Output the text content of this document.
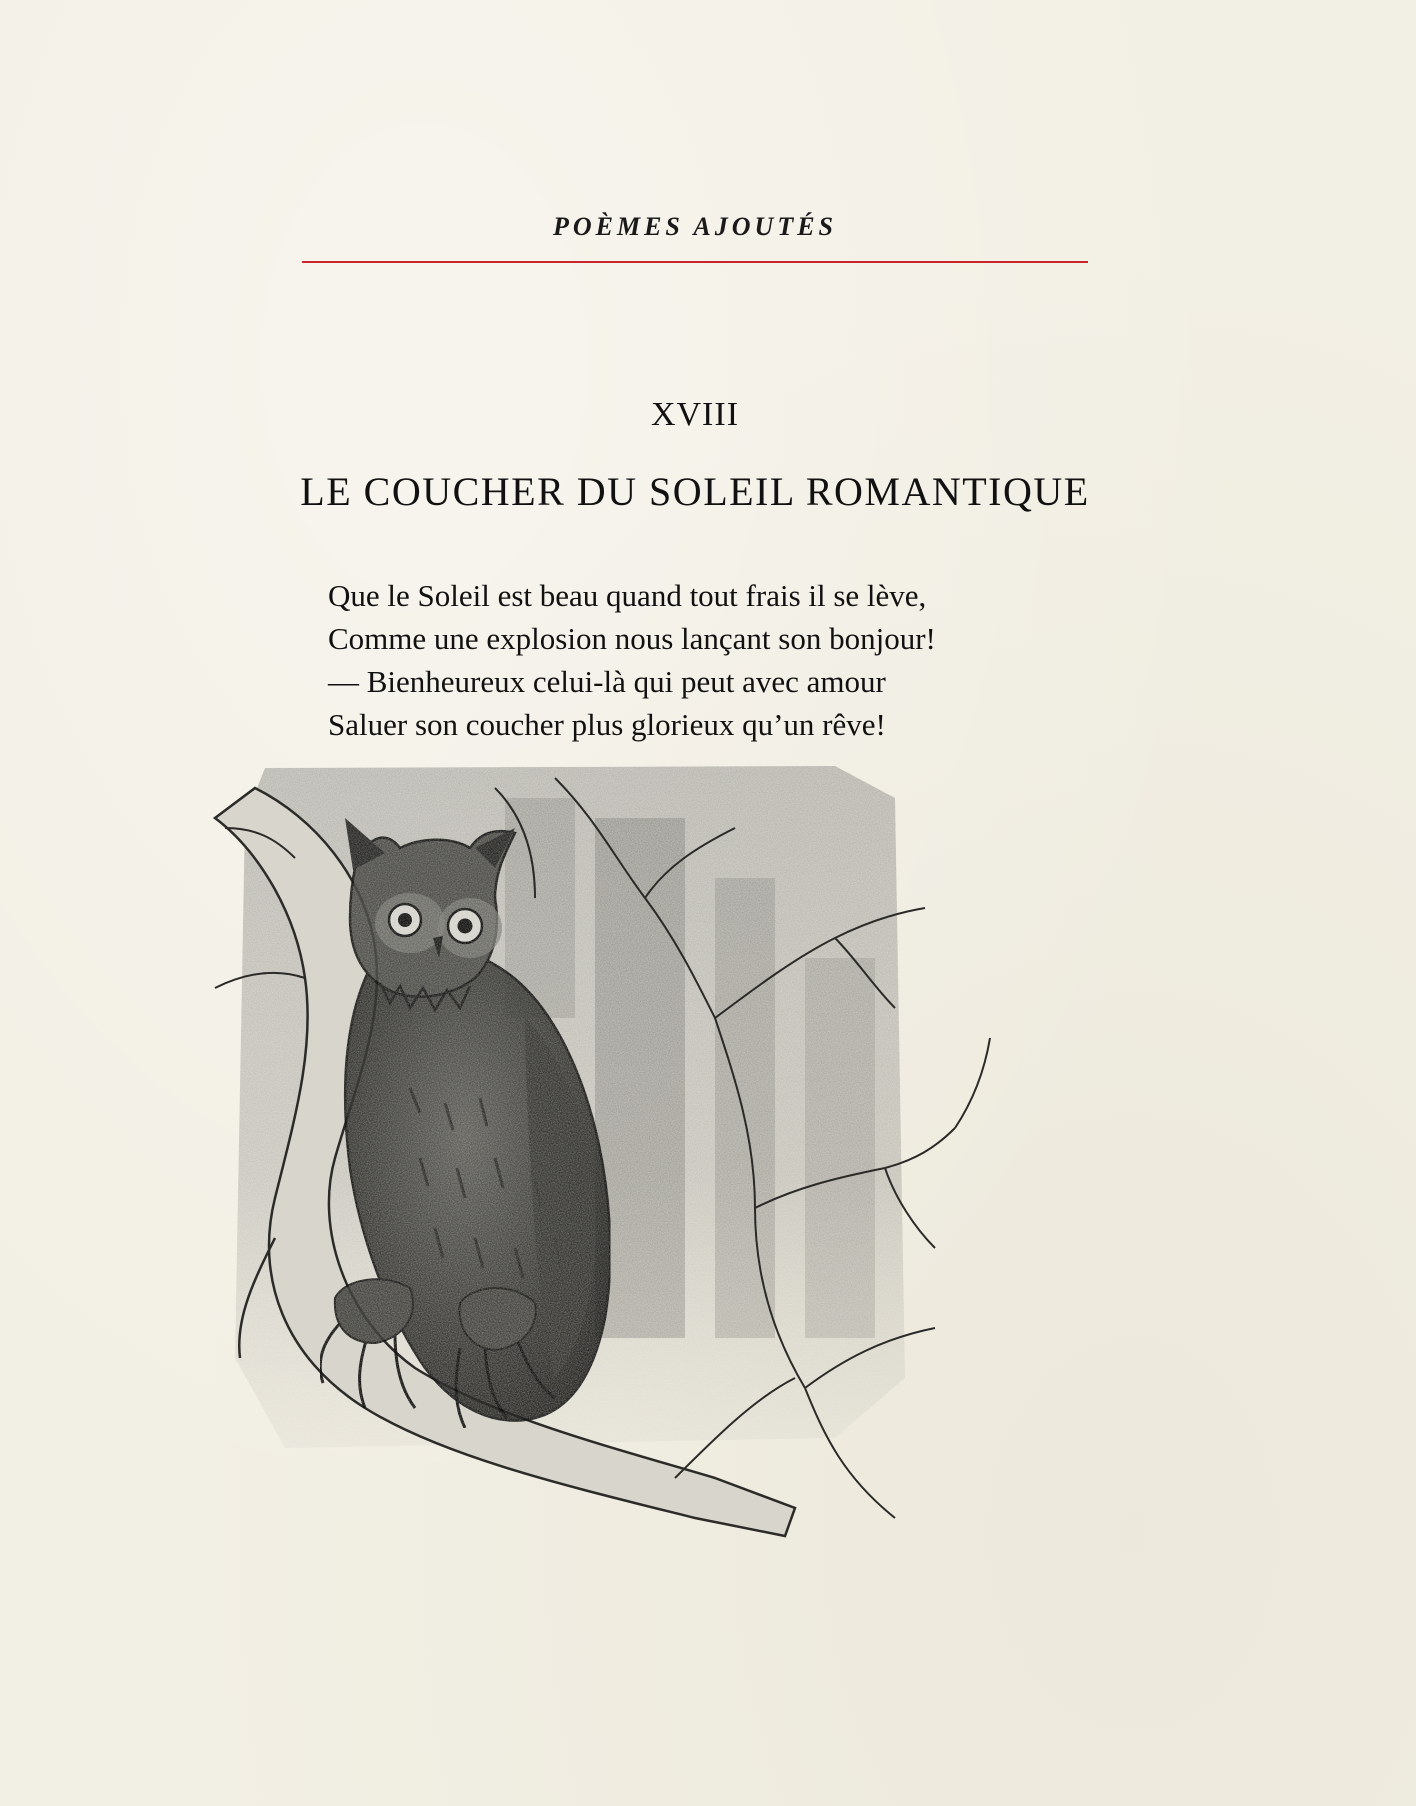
POÈMES AJOUTÉS
XVIII
LE COUCHER DU SOLEIL ROMANTIQUE
Que le Soleil est beau quand tout frais il se lève,
Comme une explosion nous lançant son bonjour!
— Bienheureux celui-là qui peut avec amour
Saluer son coucher plus glorieux qu’un rêve!
